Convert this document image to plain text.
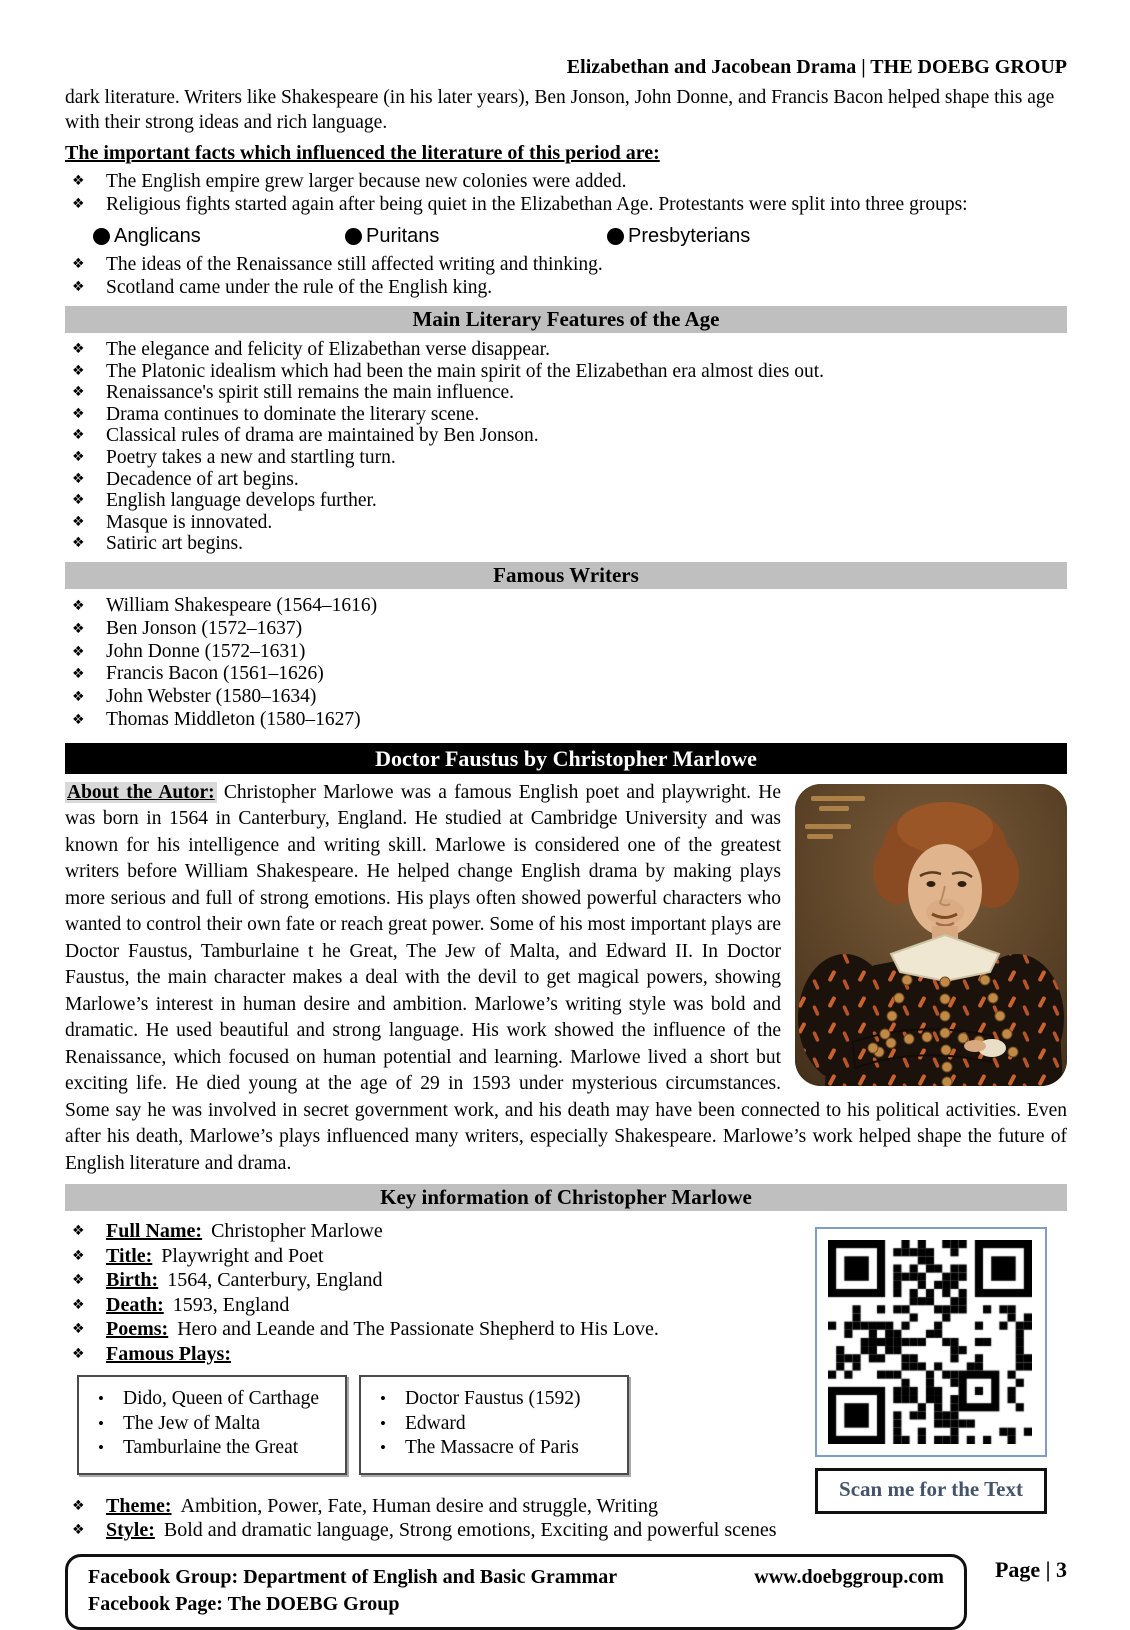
Elizabethan and Jacobean Drama | THE DOEBG GROUP
dark literature. Writers like Shakespeare (in his later years), Ben Jonson, John Donne, and Francis Bacon helped shape this age with their strong ideas and rich language.
The important facts which influenced the literature of this period are:
❖	The English empire grew larger because new colonies were added.
❖	Religious fights started again after being quiet in the Elizabethan Age. Protestants were split into three groups:
Anglicans	Puritans	Presbyterians
❖	The ideas of the Renaissance still affected writing and thinking.
❖	Scotland came under the rule of the English king.
Main Literary Features of the Age
❖	The elegance and felicity of Elizabethan verse disappear.
❖	The Platonic idealism which had been the main spirit of the Elizabethan era almost dies out.
❖	Renaissance's spirit still remains the main influence.
❖	Drama continues to dominate the literary scene.
❖	Classical rules of drama are maintained by Ben Jonson.
❖	Poetry takes a new and startling turn.
❖	Decadence of art begins.
❖	English language develops further.
❖	Masque is innovated.
❖	Satiric art begins.
Famous Writers
❖	William Shakespeare (1564–1616)
❖	Ben Jonson (1572–1637)
❖	John Donne (1572–1631)
❖	Francis Bacon (1561–1626)
❖	John Webster (1580–1634)
❖	Thomas Middleton (1580–1627)
Doctor Faustus by Christopher Marlowe
About the Autor: Christopher Marlowe was a famous English poet and playwright. He was born in 1564 in Canterbury, England. He studied at Cambridge University and was known for his intelligence and writing skill. Marlowe is considered one of the greatest writers before William Shakespeare. He helped change English drama by making plays more serious and full of strong emotions. His plays often showed powerful characters who wanted to control their own fate or reach great power. Some of his most important plays are Doctor Faustus, Tamburlaine t he Great, The Jew of Malta, and Edward II. In Doctor Faustus, the main character makes a deal with the devil to get magical powers, showing Marlowe’s interest in human desire and ambition. Marlowe’s writing style was bold and dramatic. He used beautiful and strong language. His work showed the influence of the Renaissance, which focused on human potential and learning. Marlowe lived a short but exciting life. He died young at the age of 29 in 1593 under mysterious circumstances. Some say he was involved in secret government work, and his death may have been connected to his political activities. Even after his death, Marlowe’s plays influenced many writers, especially Shakespeare. Marlowe’s work helped shape the future of English literature and drama.
Key information of Christopher Marlowe
Scan me for the Text
❖	Full Name: Christopher Marlowe
❖	Title: Playwright and Poet
❖	Birth: 1564, Canterbury, England
❖	Death: 1593, England
❖	Poems: Hero and Leande and The Passionate Shepherd to His Love.
❖	Famous Plays:
• Dido, Queen of Carthage
• The Jew of Malta
• Tamburlaine the Great
• Doctor Faustus (1592)
• Edward
• The Massacre of Paris
❖	Theme: Ambition, Power, Fate, Human desire and struggle, Writing
❖	Style: Bold and dramatic language, Strong emotions, Exciting and powerful scenes
Facebook Group: Department of English and Basic Grammar	www.doebggroup.com
Facebook Page: The DOEBG Group
Page | 3
